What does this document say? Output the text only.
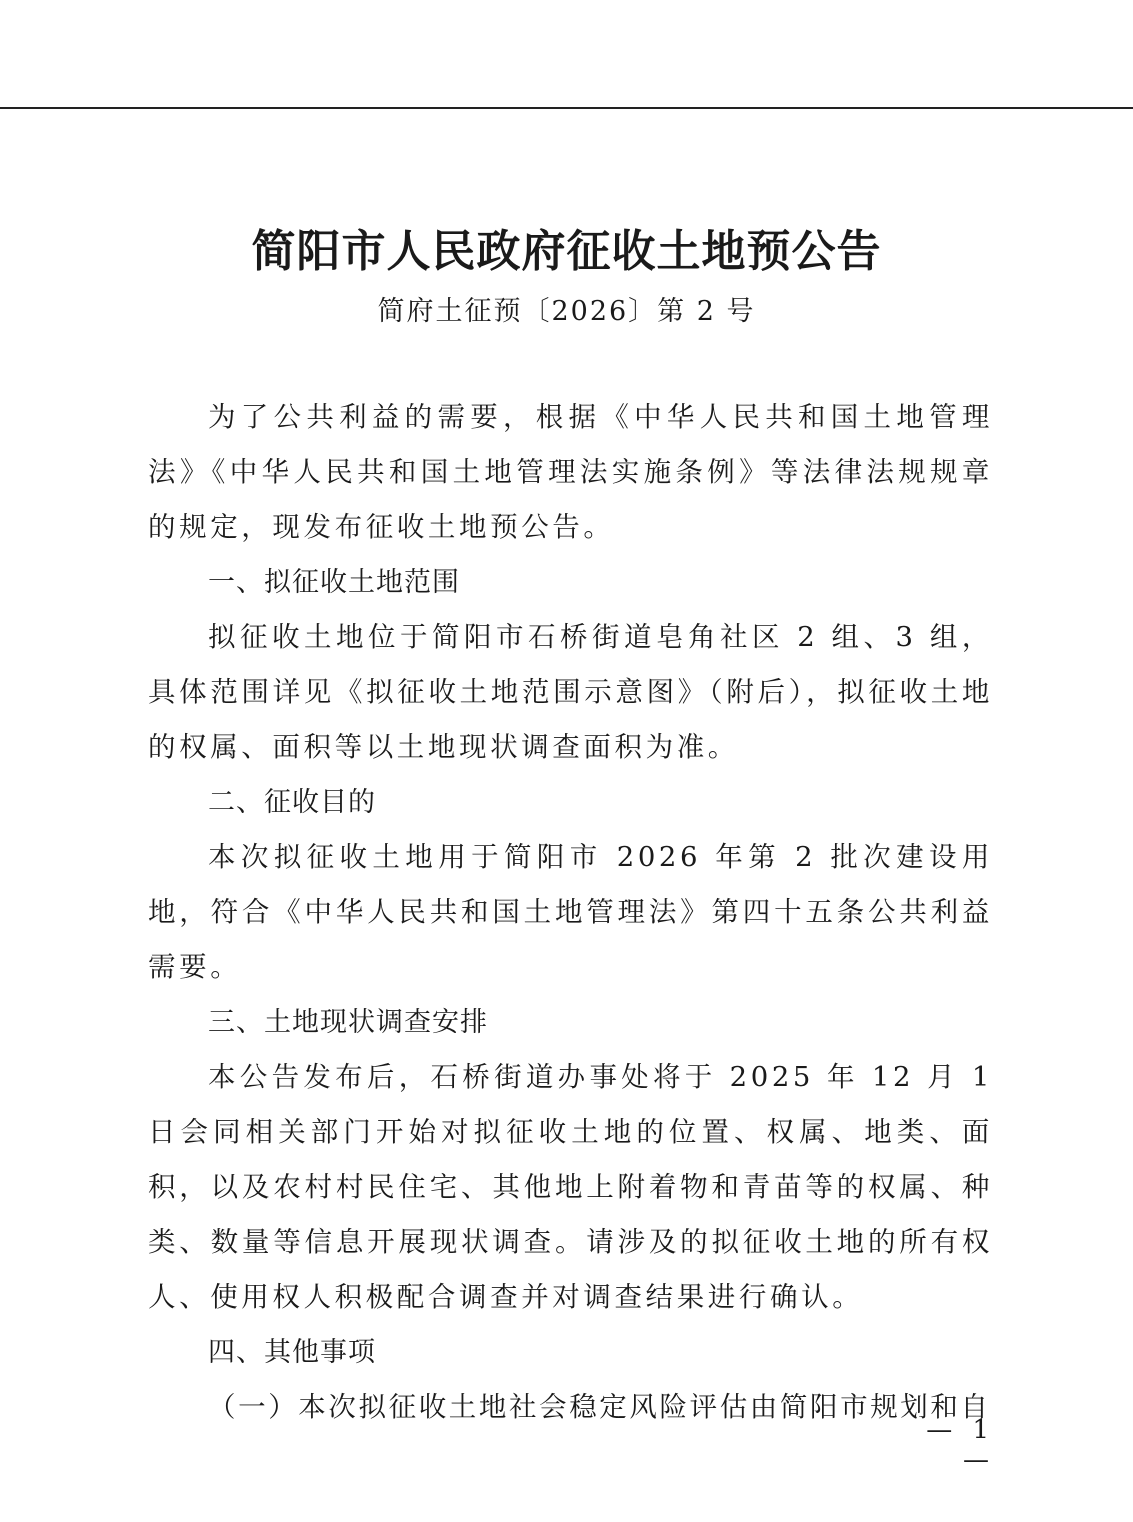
简阳市人民政府征收土地预公告
简府土征预〔2026〕第 2 号

为了公共利益的需要，根据《中华人民共和国土地管理法》《中华人民共和国土地管理法实施条例》等法律法规规章的规定，现发布征收土地预公告。

一、拟征收土地范围

拟征收土地位于简阳市石桥街道皂角社区 2 组、3 组，具体范围详见《拟征收土地范围示意图》（附后），拟征收土地的权属、面积等以土地现状调查面积为准。

二、征收目的

本次拟征收土地用于简阳市 2026 年第 2 批次建设用地，符合《中华人民共和国土地管理法》第四十五条公共利益需要。

三、土地现状调查安排

本公告发布后，石桥街道办事处将于 2025 年 12 月 1 日会同相关部门开始对拟征收土地的位置、权属、地类、面积，以及农村村民住宅、其他地上附着物和青苗等的权属、种类、数量等信息开展现状调查。请涉及的拟征收土地的所有权人、使用权人积极配合调查并对调查结果进行确认。

四、其他事项

（一）本次拟征收土地社会稳定风险评估由简阳市规划和自

— 1 —
